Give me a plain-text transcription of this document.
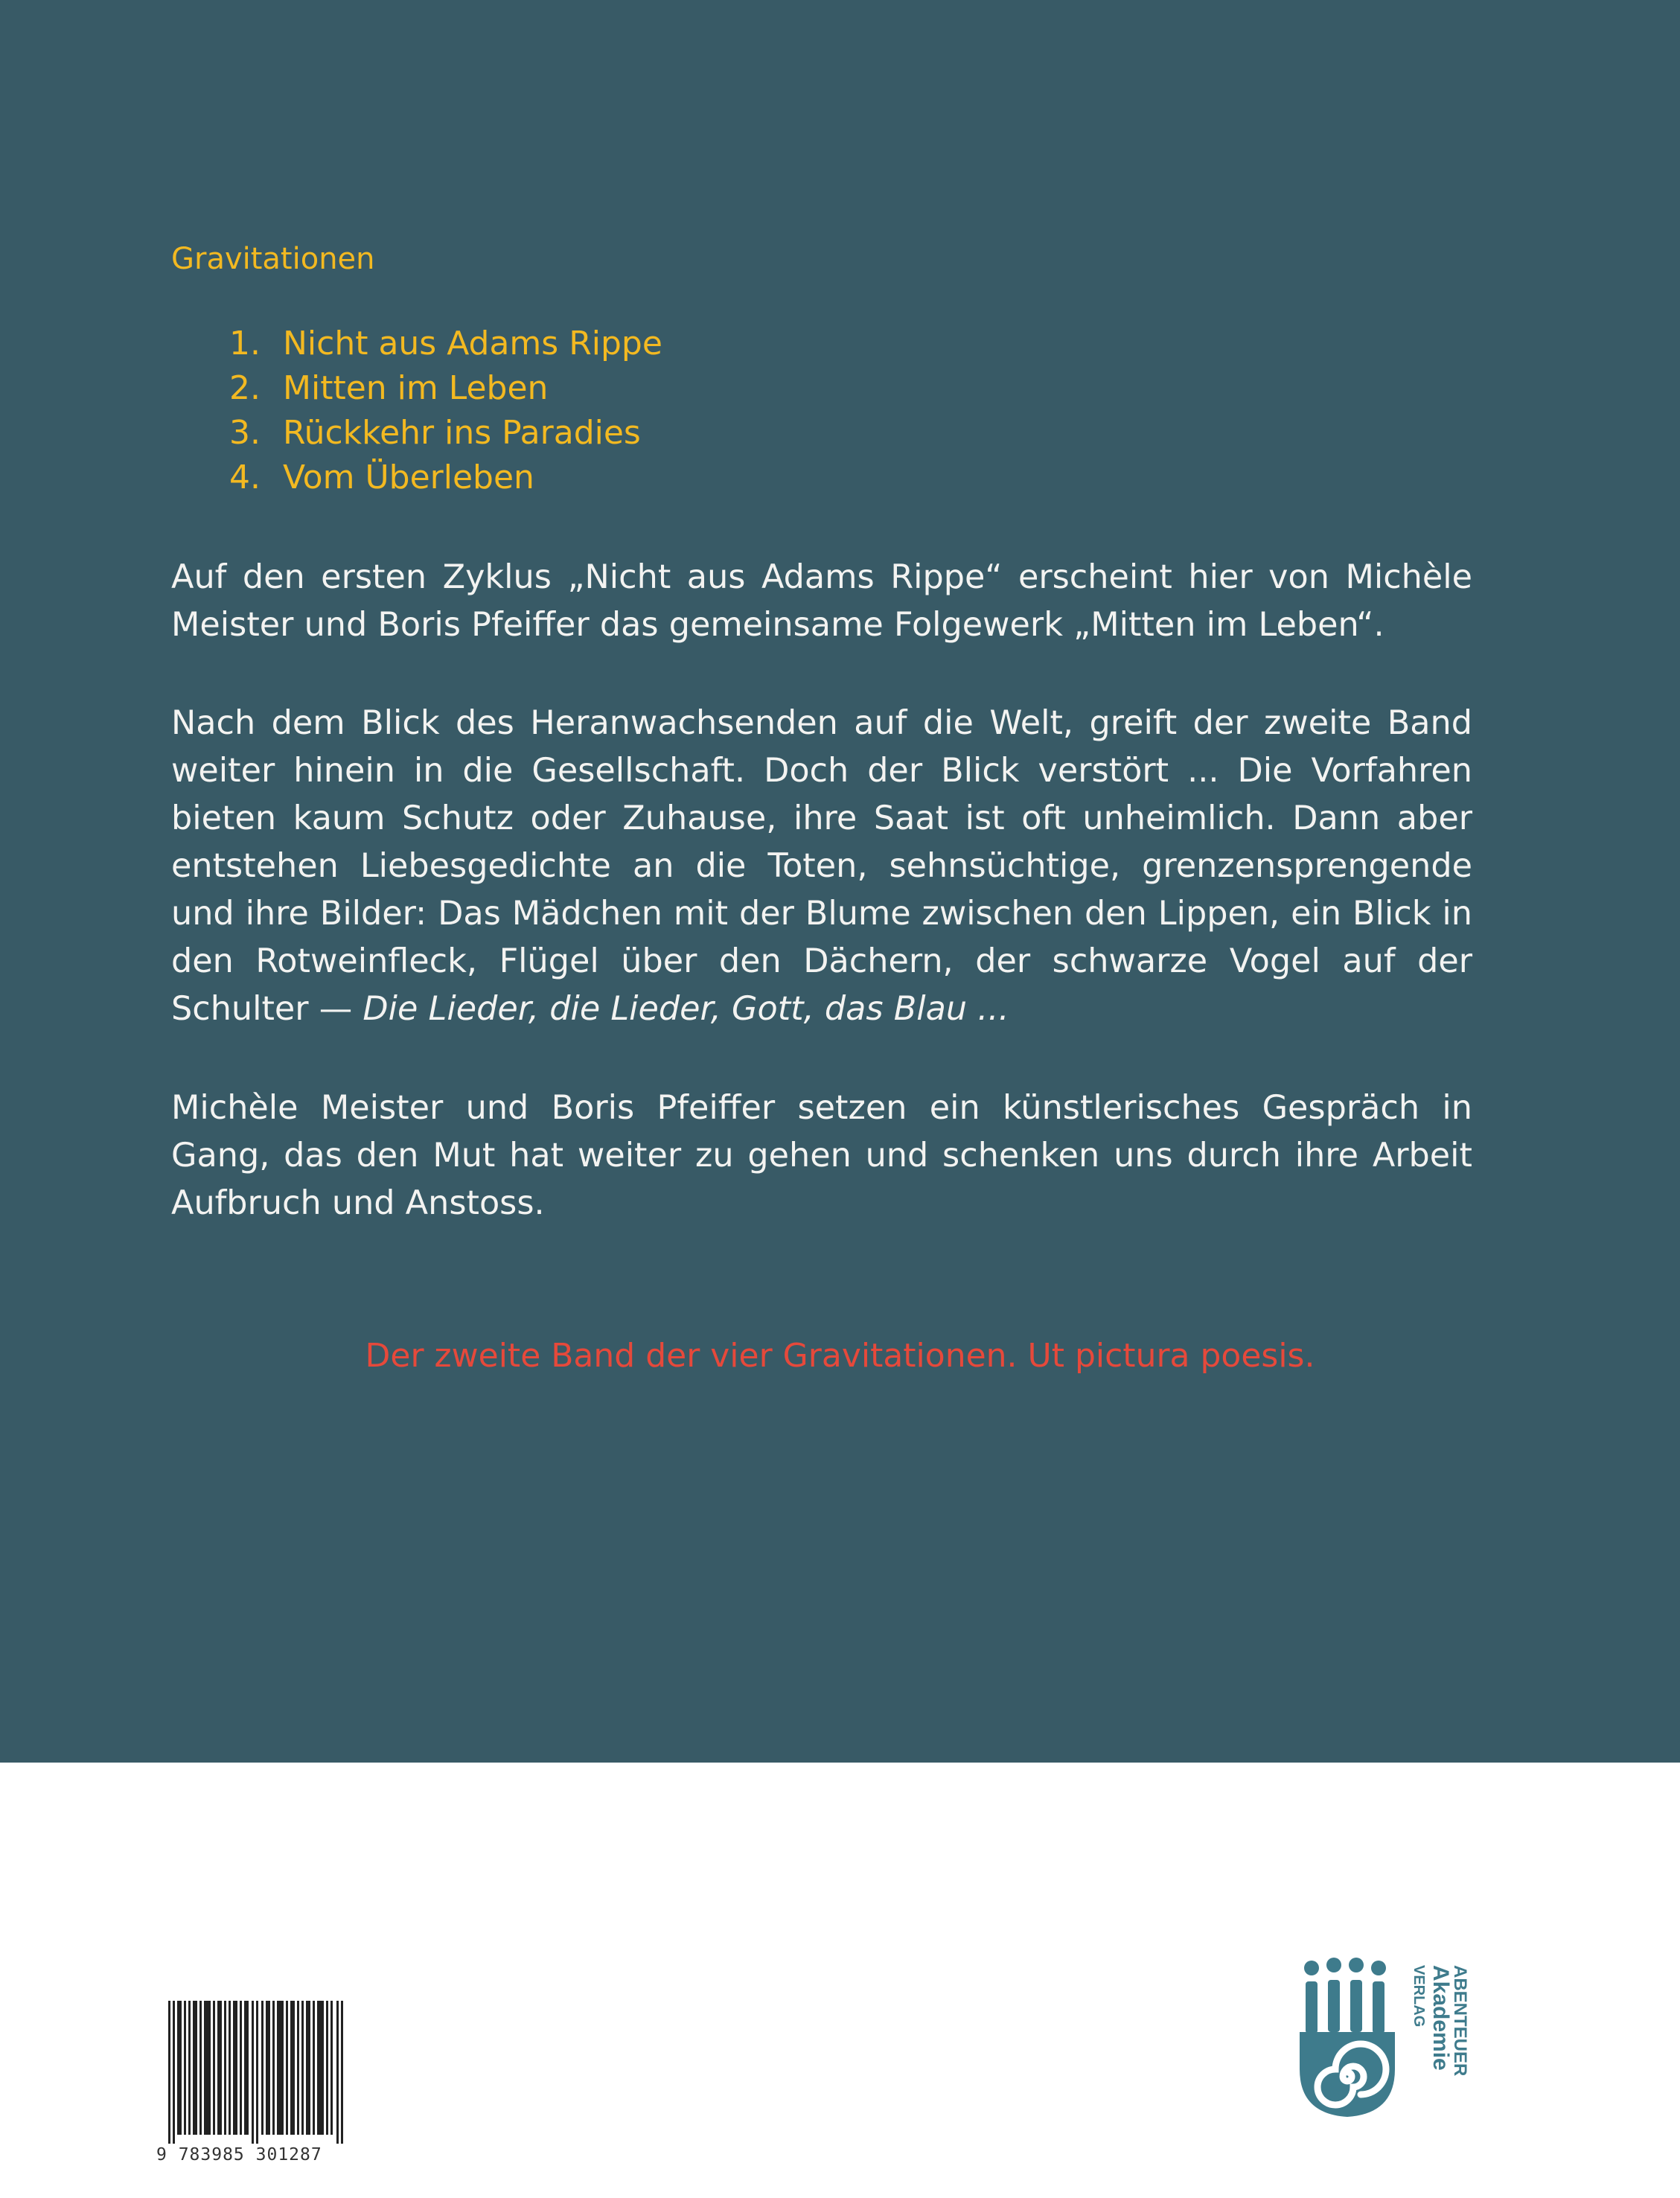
Gravitationen
1. Nicht aus Adams Rippe
2. Mitten im Leben
3. Rückkehr ins Paradies
4. Vom Überleben

Auf den ersten Zyklus „Nicht aus Adams Rippe“ erscheint hier von Michèle Meister und Boris Pfeiffer das gemeinsame Folgewerk „Mitten im Leben“.

Nach dem Blick des Heranwachsenden auf die Welt, greift der zweite Band weiter hinein in die Gesellschaft. Doch der Blick verstört ... Die Vorfahren bieten kaum Schutz oder Zuhause, ihre Saat ist oft unheimlich. Dann aber entstehen Liebesgedichte an die Toten, sehnsüchtige, grenzensprengende und ihre Bilder: Das Mädchen mit der Blume zwischen den Lippen, ein Blick in den Rotweinfleck, Flügel über den Dächern, der schwarze Vogel auf der Schulter — Die Lieder, die Lieder, Gott, das Blau ...

Michèle Meister und Boris Pfeiffer setzen ein künstlerisches Gespräch in Gang, das den Mut hat weiter zu gehen und schenken uns durch ihre Arbeit Aufbruch und Anstoss.

Der zweite Band der vier Gravitationen. Ut pictura poesis.

9 783985 301287
VERLAG Akademie
ABENTEUER
